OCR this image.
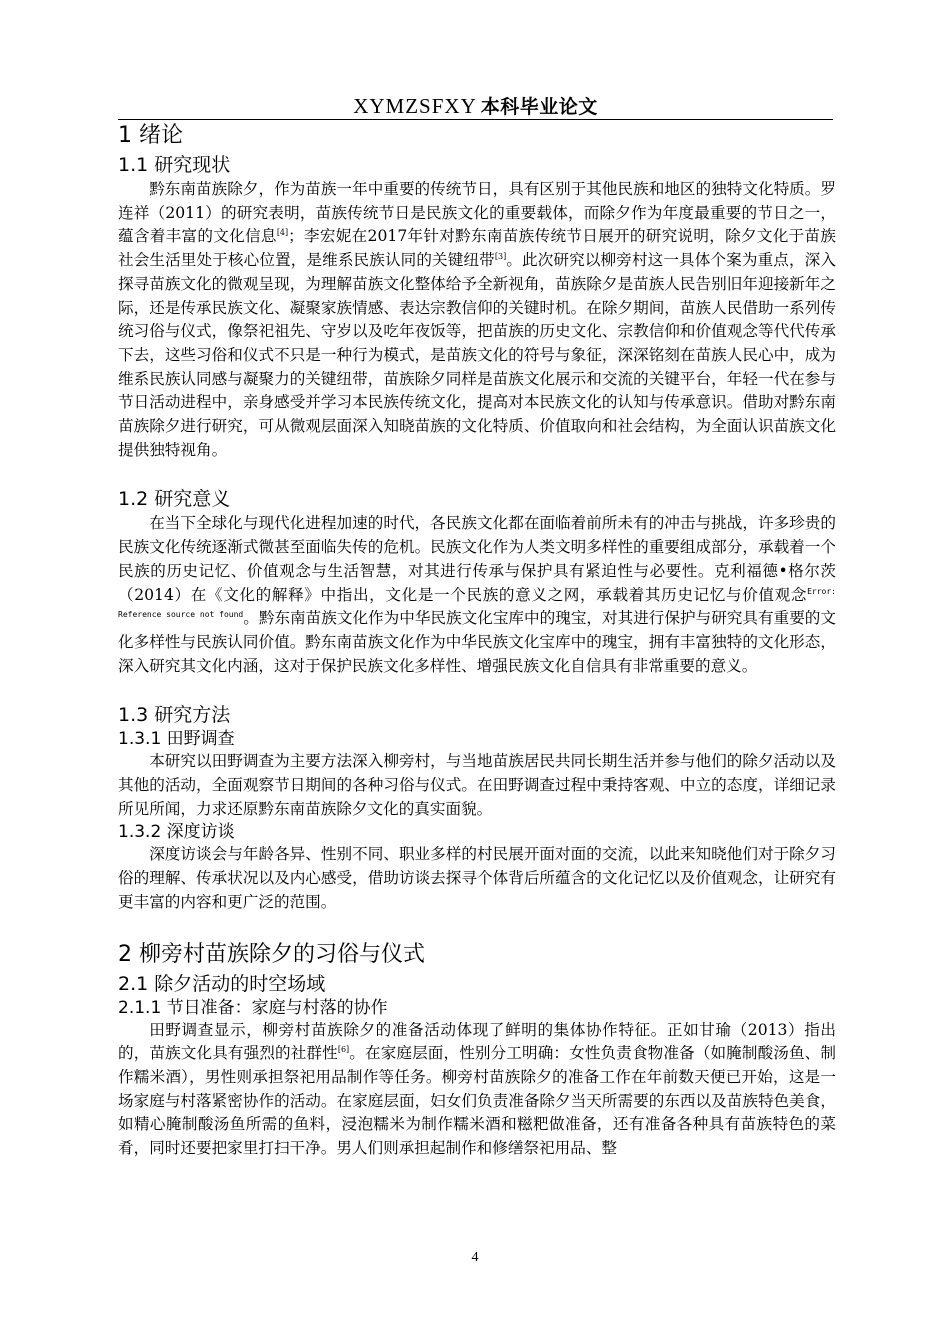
XYMZSFXY 本科毕业论文
1 绪论
1.1 研究现状

黔东南苗族除夕，作为苗族一年中重要的传统节日，具有区别于其他民族和地区的独特文化特质。罗连祥（2011）的研究表明，苗族传统节日是民族文化的重要载体，而除夕作为年度最重要的节日之一，蕴含着丰富的文化信息[4]；李宏妮在2017年针对黔东南苗族传统节日展开的研究说明，除夕文化于苗族社会生活里处于核心位置，是维系民族认同的关键纽带[3]。此次研究以柳旁村这一具体个案为重点，深入探寻苗族文化的微观呈现，为理解苗族文化整体给予全新视角，苗族除夕是苗族人民告别旧年迎接新年之际，还是传承民族文化、凝聚家族情感、表达宗教信仰的关键时机。在除夕期间，苗族人民借助一系列传统习俗与仪式，像祭祀祖先、守岁以及吃年夜饭等，把苗族的历史文化、宗教信仰和价值观念等代代传承下去，这些习俗和仪式不只是一种行为模式，是苗族文化的符号与象征，深深铭刻在苗族人民心中，成为维系民族认同感与凝聚力的关键纽带，苗族除夕同样是苗族文化展示和交流的关键平台，年轻一代在参与节日活动进程中，亲身感受并学习本民族传统文化，提高对本民族文化的认知与传承意识。借助对黔东南苗族除夕进行研究，可从微观层面深入知晓苗族的文化特质、价值取向和社会结构，为全面认识苗族文化提供独特视角。

1.2 研究意义

在当下全球化与现代化进程加速的时代，各民族文化都在面临着前所未有的冲击与挑战，许多珍贵的民族文化传统逐渐式微甚至面临失传的危机。民族文化作为人类文明多样性的重要组成部分，承载着一个民族的历史记忆、价值观念与生活智慧，对其进行传承与保护具有紧迫性与必要性。克利福德•格尔茨（2014）在《文化的解释》中指出，文化是一个民族的意义之网，承载着其历史记忆与价值观念$^{Error: Reference source not found}$。黔东南苗族文化作为中华民族文化宝库中的瑰宝，对其进行保护与研究具有重要的文化多样性与民族认同价值。黔东南苗族文化作为中华民族文化宝库中的瑰宝，拥有丰富独特的文化形态，深入研究其文化内涵，这对于保护民族文化多样性、增强民族文化自信具有非常重要的意义。

1.3 研究方法
1.3.1 田野调查

本研究以田野调查为主要方法深入柳旁村，与当地苗族居民共同长期生活并参与他们的除夕活动以及其他的活动，全面观察节日期间的各种习俗与仪式。在田野调查过程中秉持客观、中立的态度，详细记录所见所闻，力求还原黔东南苗族除夕文化的真实面貌。

1.3.2 深度访谈

深度访谈会与年龄各异、性别不同、职业多样的村民展开面对面的交流，以此来知晓他们对于除夕习俗的理解、传承状况以及内心感受，借助访谈去探寻个体背后所蕴含的文化记忆以及价值观念，让研究有更丰富的内容和更广泛的范围。

2 柳旁村苗族除夕的习俗与仪式
2.1 除夕活动的时空场域
2.1.1 节日准备：家庭与村落的协作

田野调查显示，柳旁村苗族除夕的准备活动体现了鲜明的集体协作特征。正如甘瑜（2013）指出的，苗族文化具有强烈的社群性[6]。在家庭层面，性别分工明确：女性负责食物准备（如腌制酸汤鱼、制作糯米酒），男性则承担祭祀用品制作等任务。柳旁村苗族除夕的准备工作在年前数天便已开始，这是一场家庭与村落紧密协作的活动。在家庭层面，妇女们负责准备除夕当天所需要的东西以及苗族特色美食，如精心腌制酸汤鱼所需的鱼料，浸泡糯米为制作糯米酒和糍粑做准备，还有准备各种具有苗族特色的菜肴，同时还要把家里打扫干净。男人们则承担起制作和修缮祭祀用品、整

4
